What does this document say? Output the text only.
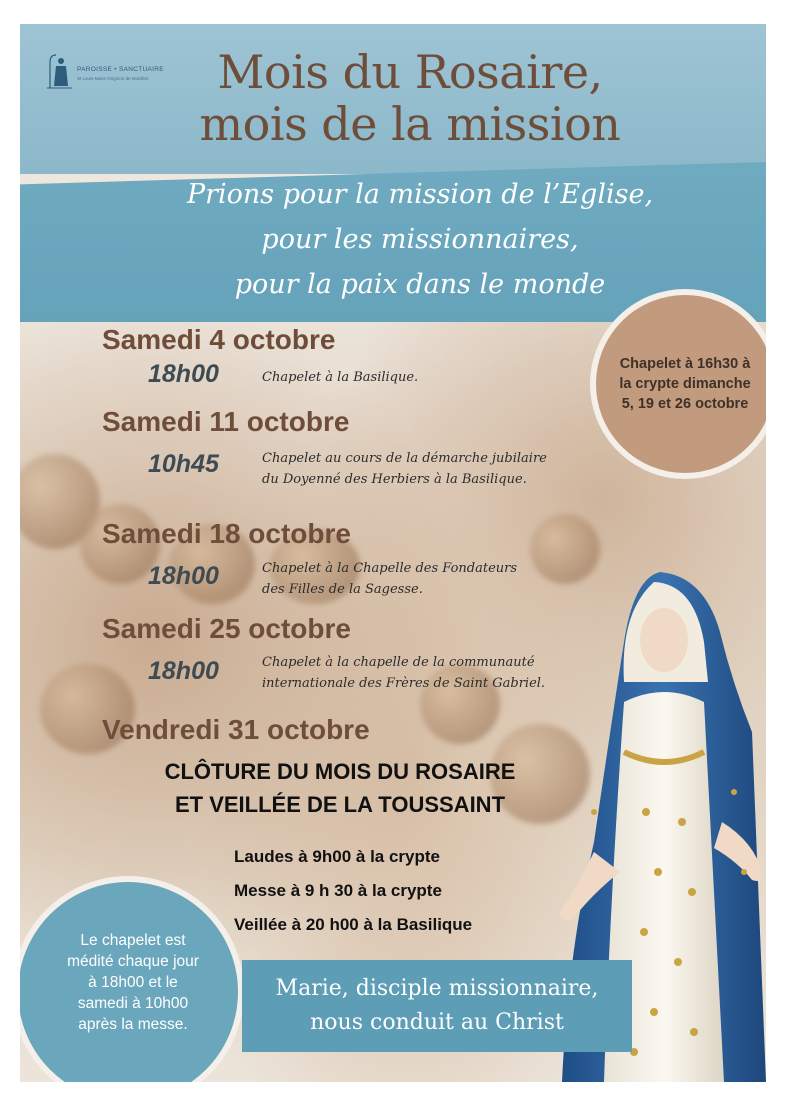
PAROISSE • SANCTUAIRE
St Louis-Marie Grignion de Montfort	Mois du Rosaire,
mois de la mission
Prions pour la mission de l’Eglise,
pour les missionnaires,
pour la paix dans le monde
Chapelet à 16h30 à la crypte dimanche 5, 19 et 26 octobre
Samedi 4 octobre
18h00	Chapelet à la Basilique.
Samedi 11 octobre
10h45	Chapelet au cours de la démarche jubilaire
du Doyenné des Herbiers à la Basilique.
Samedi 18 octobre
18h00	Chapelet à la Chapelle des Fondateurs
des Filles de la Sagesse.
Samedi 25 octobre
18h00	Chapelet à la chapelle de la communauté
internationale des Frères de Saint Gabriel.
Vendredi 31 octobre
CLÔTURE DU MOIS DU ROSAIRE
ET VEILLÉE DE LA TOUSSAINT
Laudes à 9h00 à la crypte
Messe à 9 h 30 à la crypte
Veillée à 20 h00 à la Basilique
Le chapelet est médité chaque jour à 18h00 et le samedi à 10h00 après la messe.
Marie, disciple missionnaire,
nous conduit au Christ
